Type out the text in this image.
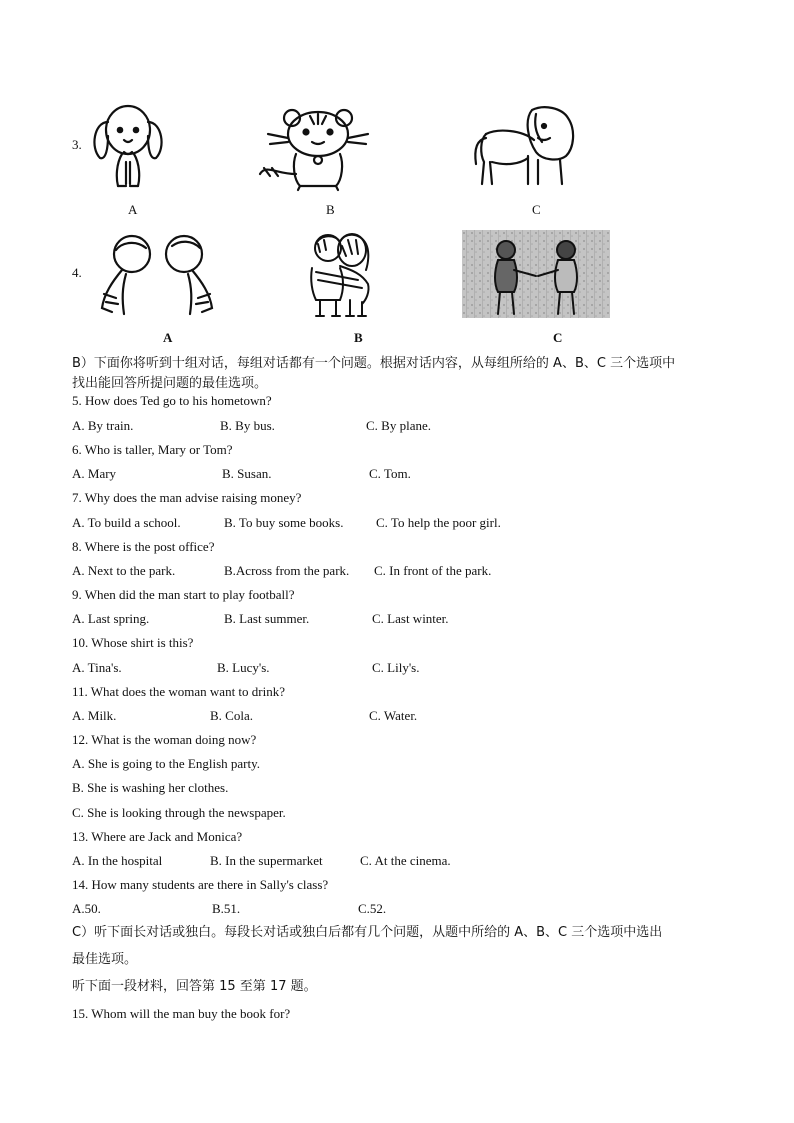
3.
A	B	C
4.
A	B	C
B）下面你将听到十组对话，每组对话都有一个问题。根据对话内容，从每组所给的 A、B、C 三个选项中
找出能回答所提问题的最佳选项。
5. How does Ted go to his hometown?
A. By train.	B. By bus.	C. By plane.
6. Who is taller, Mary or Tom?
A. Mary	B. Susan.	C. Tom.
7. Why does the man advise raising money?
A. To build a school.	B. To buy some books.	C. To help the poor girl.
8. Where is the post office?
A. Next to the park.	B.Across from the park. C. In front of the park.
9. When did the man start to play football?
A. Last spring.	B. Last summer.	C. Last winter.
10. Whose shirt is this?
A. Tina's.	B. Lucy's.	C. Lily's.
11. What does the woman want to drink?
A. Milk.	B. Cola.	C. Water.
12. What is the woman doing now?
A. She is going to the English party.
B. She is washing her clothes.
C. She is looking through the newspaper.
13. Where are Jack and Monica?
A. In the hospital	B. In the supermarket	C. At the cinema.
14. How many students are there in Sally's class?
A.50.	B.51.	C.52.
C）听下面长对话或独白。每段长对话或独白后都有几个问题，从题中所给的 A、B、C 三个选项中选出
最佳选项。
听下面一段材料，回答第 15 至第 17 题。
15. Whom will the man buy the book for?
